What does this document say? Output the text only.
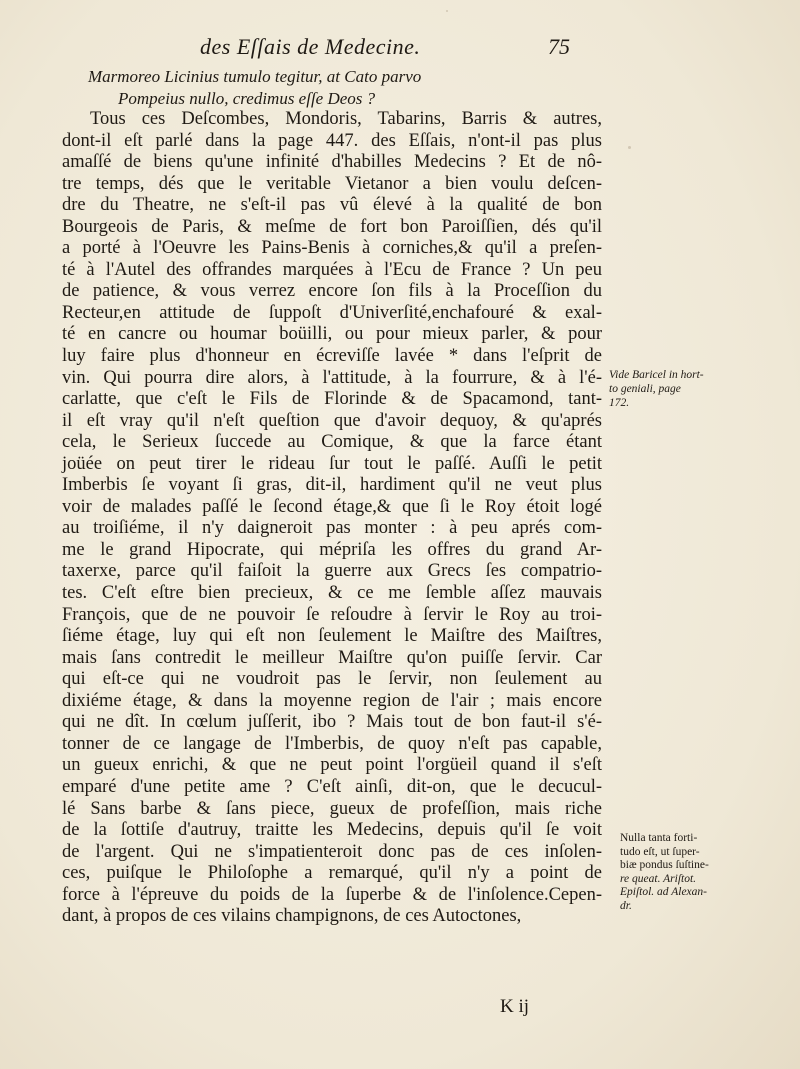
des Eſſais de Medecine.	75
Marmoreo Licinius tumulo tegitur, at Cato parvo
Pompeius nullo, credimus eſſe Deos ?
Tous ces Deſcombes, Mondoris, Tabarins, Barris & autres,
dont-il eſt parlé dans la page 447. des Eſſais, n'ont-il pas plus
amaſſé de biens qu'une infinité d'habilles Medecins ? Et de nô-
tre temps, dés que le veritable Vietanor a bien voulu deſcen-
dre du Theatre, ne s'eſt-il pas vû élevé à la qualité de bon
Bourgeois de Paris, & meſme de fort bon Paroiſſien, dés qu'il
a porté à l'Oeuvre les Pains-Benis à corniches,& qu'il a preſen-
té à l'Autel des offrandes marquées à l'Ecu de France ? Un peu
de patience, & vous verrez encore ſon fils à la Proceſſion du
Recteur,en attitude de ſuppoſt d'Univerſité,enchafouré & exal-
té en cancre ou houmar boüilli, ou pour mieux parler, & pour
luy faire plus d'honneur en écreviſſe lavée * dans l'eſprit de
vin. Qui pourra dire alors, à l'attitude, à la fourrure, & à l'é-
carlatte, que c'eſt le Fils de Florinde & de Spacamond, tant-
il eſt vray qu'il n'eſt queſtion que d'avoir dequoy, & qu'aprés
cela, le Serieux ſuccede au Comique, & que la farce étant
joüée on peut tirer le rideau ſur tout le paſſé. Auſſi le petit
Imberbis ſe voyant ſi gras, dit-il, hardiment qu'il ne veut plus
voir de malades paſſé le ſecond étage,& que ſi le Roy étoit logé
au troiſiéme, il n'y daigneroit pas monter : à peu aprés com-
me le grand Hipocrate, qui mépriſa les offres du grand Ar-
taxerxe, parce qu'il faiſoit la guerre aux Grecs ſes compatrio-
tes. C'eſt eſtre bien precieux, & ce me ſemble aſſez mauvais
François, que de ne pouvoir ſe reſoudre à ſervir le Roy au troi-
ſiéme étage, luy qui eſt non ſeulement le Maiſtre des Maiſtres,
mais ſans contredit le meilleur Maiſtre qu'on puiſſe ſervir. Car
qui eſt-ce qui ne voudroit pas le ſervir, non ſeulement au
dixiéme étage, & dans la moyenne region de l'air ; mais encore
qui ne dît. In cœlum juſſerit, ibo ? Mais tout de bon faut-il s'é-
tonner de ce langage de l'Imberbis, de quoy n'eſt pas capable,
un gueux enrichi, & que ne peut point l'orgüeil quand il s'eſt
emparé d'une petite ame ? C'eſt ainſi, dit-on, que le decucul-
lé Sans barbe & ſans piece, gueux de profeſſion, mais riche
de la ſottiſe d'autruy, traitte les Medecins, depuis qu'il ſe voit
de l'argent. Qui ne s'impatienteroit donc pas de ces inſolen-
ces, puiſque le Philoſophe a remarqué, qu'il n'y a point de
force à l'épreuve du poids de la ſuperbe & de l'inſolence.Cepen-
dant, à propos de ces vilains champignons, de ces Autoctones,
Vide Baricel in hort-
to geniali, page
172.
Nulla tanta forti-
tudo eſt, ut ſuper-
biæ pondus ſuſtine-
re queat. Ariſtot.
Epiſtol. ad Alexan-
dr.
K ij
